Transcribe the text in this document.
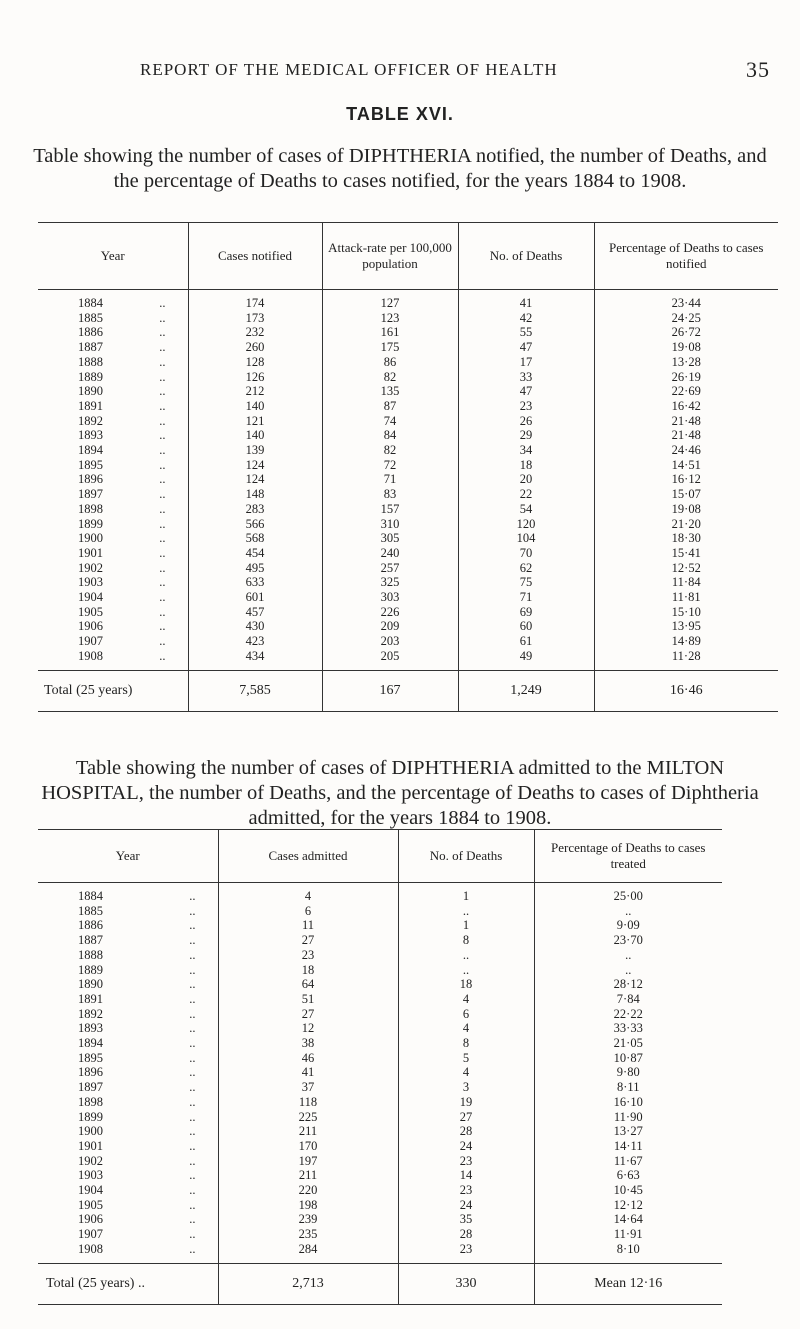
REPORT OF THE MEDICAL OFFICER OF HEALTH	35
TABLE XVI.
Table showing the number of cases of DIPHTHERIA notified, the number of Deaths, and the percentage of Deaths to cases notified, for the years 1884 to 1908.
Year	Cases notified	Attack-rate per 100,000 population	No. of Deaths	Percentage of Deaths to cases notified
1884 ..	174	127	41	23·44
1885 ..	173	123	42	24·25
1886 ..	232	161	55	26·72
1887 ..	260	175	47	19·08
1888 ..	128	86	17	13·28
1889 ..	126	82	33	26·19
1890 ..	212	135	47	22·69
1891 ..	140	87	23	16·42
1892 ..	121	74	26	21·48
1893 ..	140	84	29	21·48
1894 ..	139	82	34	24·46
1895 ..	124	72	18	14·51
1896 ..	124	71	20	16·12
1897 ..	148	83	22	15·07
1898 ..	283	157	54	19·08
1899 ..	566	310	120	21·20
1900 ..	568	305	104	18·30
1901 ..	454	240	70	15·41
1902 ..	495	257	62	12·52
1903 ..	633	325	75	11·84
1904 ..	601	303	71	11·81
1905 ..	457	226	69	15·10
1906 ..	430	209	60	13·95
1907 ..	423	203	61	14·89
1908 ..	434	205	49	11·28
Total (25 years)	7,585	167	1,249	16·46
Table showing the number of cases of DIPHTHERIA admitted to the MILTON HOSPITAL, the number of Deaths, and the percentage of Deaths to cases of Diphtheria admitted, for the years 1884 to 1908.
Year	Cases admitted	No. of Deaths	Percentage of Deaths to cases treated
1884 ..	4	1	25·00
1885 ..	6	..	..
1886 ..	11	1	9·09
1887 ..	27	8	23·70
1888 ..	23	..	..
1889 ..	18	..	..
1890 ..	64	18	28·12
1891 ..	51	4	7·84
1892 ..	27	6	22·22
1893 ..	12	4	33·33
1894 ..	38	8	21·05
1895 ..	46	5	10·87
1896 ..	41	4	9·80
1897 ..	37	3	8·11
1898 ..	118	19	16·10
1899 ..	225	27	11·90
1900 ..	211	28	13·27
1901 ..	170	24	14·11
1902 ..	197	23	11·67
1903 ..	211	14	6·63
1904 ..	220	23	10·45
1905 ..	198	24	12·12
1906 ..	239	35	14·64
1907 ..	235	28	11·91
1908 ..	284	23	8·10
Total (25 years) ..	2,713	330	Mean 12·16
